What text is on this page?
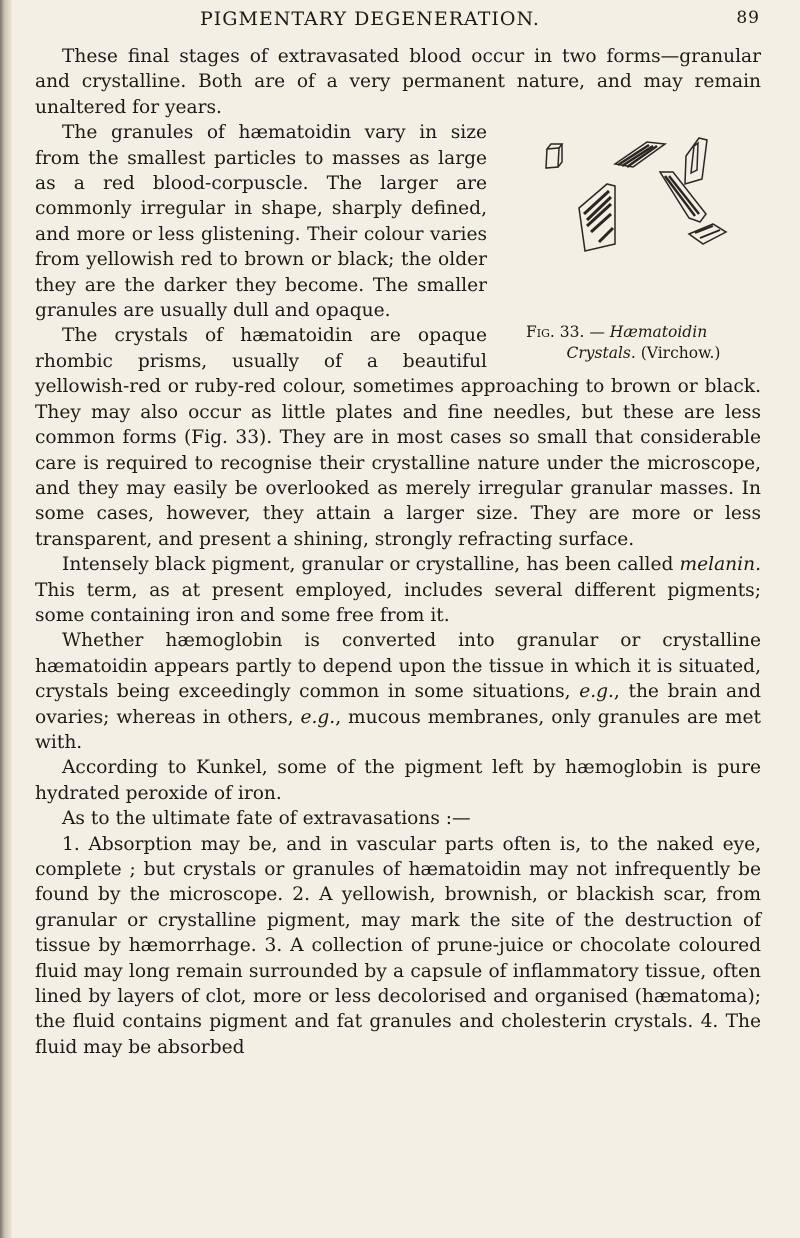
PIGMENTARY DEGENERATION.	89

These final stages of extravasated blood occur in two forms—granular and crystalline. Both are of a very permanent nature, and may remain unaltered for years.

Fig. 33. — Hæmatoidin
Crystals. (Virchow.)
The granules of hæmatoidin vary in size from the smallest particles to masses as large as a red blood-corpuscle. The larger are commonly irregular in shape, sharply defined, and more or less glistening. Their colour varies from yellowish red to brown or black; the older they are the darker they become. The smaller granules are usually dull and opaque.

The crystals of hæmatoidin are opaque rhombic prisms, usually of a beautiful yellowish-red or ruby-red colour, sometimes approaching to brown or black. They may also occur as little plates and fine needles, but these are less common forms (Fig. 33). They are in most cases so small that considerable care is required to recognise their crystalline nature under the microscope, and they may easily be overlooked as merely irregular granular masses. In some cases, however, they attain a larger size. They are more or less transparent, and present a shining, strongly refracting surface.

Intensely black pigment, granular or crystalline, has been called melanin. This term, as at present employed, includes several different pigments; some containing iron and some free from it.

Whether hæmoglobin is converted into granular or crystalline hæmatoidin appears partly to depend upon the tissue in which it is situated, crystals being exceedingly common in some situations, e.g., the brain and ovaries; whereas in others, e.g., mucous membranes, only granules are met with.

According to Kunkel, some of the pigment left by hæmoglobin is pure hydrated peroxide of iron.

As to the ultimate fate of extravasations :—

1. Absorption may be, and in vascular parts often is, to the naked eye, complete ; but crystals or granules of hæmatoidin may not infrequently be found by the microscope. 2. A yellowish, brownish, or blackish scar, from granular or crystalline pigment, may mark the site of the destruction of tissue by hæmorrhage. 3. A collection of prune-juice or chocolate coloured fluid may long remain surrounded by a capsule of inflammatory tissue, often lined by layers of clot, more or less decolorised and organised (hæmatoma); the fluid contains pigment and fat granules and cholesterin crystals. 4. The fluid may be absorbed
